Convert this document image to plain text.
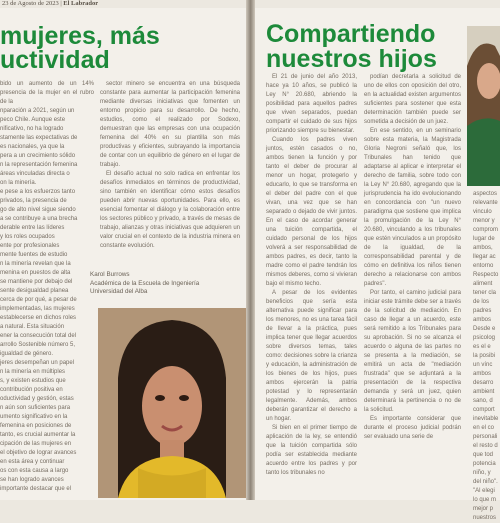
23 de Agosto de 2023 | El Labrador
mujeres, más
uctividad
bido un aumento de un 14% presencia de la mujer en el rubro de la
nparación a 2021, según un
peco Chile. Aunque este
nificativo, no ha logrado
stamente las expectativas de
es nacionales, ya que la
pera a un crecimiento sólido
n la representación femenina
áreas vinculadas directa o
on la minería.
e pese a los esfuerzos tanto
privados, la presencia de
go de alto nivel sigue siendo
a se contribuye a una brecha
derable entre las líderes
y los roles ocupados
ente por profesionales
mente fuentes de estudio
n la minería revelan que la
menina en puestos de alta
se mantiene por debajo del
sente desigualdad planea
cerca de por qué, a pesar de
implementadas, las mujeres
establecerse en dichos roles
a natural. Esta situación
ener la consecución total del
arrollo Sostenible número 5,
igualdad de género.
jeres desempeñan un papel
n la minería en múltiples
s, y existen estudios que
contribución positiva en
oductividad y gestión, estas
n aún son suficientes para
umento significativo en la
femenina en posiciones de
tanto, es crucial aumentar la
cipación de las mujeres en
el objetivo de lograr avances
en esta área y continuar
os con esta causa a largo
se han logrado avances
importante destacar que el

sector minero se encuentra en una búsqueda constante para aumentar la participación femenina mediante diversas iniciativas que fomenten un entorno propicio para su desarrollo. De hecho, estudios, como el realizado por Sodexo, demuestran que las empresas con una ocupación femenina del 40% en su plantilla son más productivas y eficientes, subrayando la importancia de contar con un equilibrio de género en el lugar de trabajo.

El desafío actual no solo radica en enfrentar los desafíos inmediatos en términos de productividad, sino también en identificar cómo estos desafíos pueden abrir nuevas oportunidades. Para ello, es esencial fomentar el diálogo y la colaboración entre los sectores público y privado, a través de mesas de trabajo, alianzas y otras iniciativas que adquieren un valor crucial en el contexto de la industria minera en constante evolución.

Karol Burrows
Académica de la Escuela de Ingeniería
Universidad del Alba
Compartiendo
nuestros hijos

El 21 de junio del año 2013, hace ya 10 años, se publicó la Ley N° 20.680, abriendo la posibilidad para aquellos padres que viven separados, puedan compartir el cuidado de sus hijos priorizando siempre su bienestar.

Cuando los padres viven juntos, estén casados o no, ambos tienen la función y por tanto el deber de procurar al menor un hogar, protegerlo y educarlo, lo que se transforma en el deber del padre con el que vivan, una vez que se han separado o dejado de vivir juntos. En el caso de acordar generar una tuición compartida, el cuidado personal de los hijos volverá a ser responsabilidad de ambos padres, es decir, tanto la madre como el padre tendrán los mismos deberes, como si vivieran bajo el mismo techo.

A pesar de los evidentes beneficios que sería esta alternativa puede significar para los menores, no es una tarea fácil de llevar a la práctica, pues implica tener que llegar acuerdos sobre diversos temas, tales como: decisiones sobre la crianza y educación, la administración de los bienes de los hijos, pues ambos ejercerán la patria potestad y lo representarán legalmente. Además, ambos deberán garantizar el derecho a un hogar.

Si bien en el primer tiempo de aplicación de la ley, se entendió que la tuición compartida sólo podía ser establecida mediante acuerdo entre los padres y por tanto los tribunales no

podían decretarla a solicitud de uno de ellos con oposición del otro, en la actualidad existen argumentos suficientes para sostener que esta determinación también puede ser sometida a decisión de un juez.

En ese sentido, en un seminario sobre esta materia, la Magistrada Gloria Negroni señaló que, los Tribunales han tenido que adaptarse al aplicar e interpretar el derecho de familia, sobre todo con la Ley N° 20.680, agregando que la jurisprudencia ha ido evolucionando en concordancia con "un nuevo paradigma que sostiene que implica la promulgación de la Ley N° 20.680, vinculando a los tribunales que estén vinculados a un propósito de la igualdad, de la corresponsabilidad parental y de cómo en definitiva los niños tienen derecho a relacionarse con ambos padres".

Por tanto, el camino judicial para iniciar este trámite debe ser a través de la solicitud de mediación. En caso de llegar a un acuerdo, este será remitido a los Tribunales para su aprobación. Si no se alcanza el acuerdo o alguna de las partes no se presenta a la mediación, se emitirá un acta de "mediación frustrada" que se adjuntará a la presentación de la respectiva demanda y será un juez, quien determinará la pertinencia o no de la solicitud.

Es importante considerar que durante el proceso judicial podrán ser evaluado una serie de

aspectos
relevante
vinculo
menor y
comprom
lugar de
ambos,
llegar ac
entorno
Respecto
aliment
tener cla
de los
padres
ambos
Desde e
psicolog
es el e
la posibi
un vínc
ambos
desarro
ambient
sano, d
comport
inevitable
en el co
personali
el resto d
que tod
potencia
niño, y
del niño".
"Al elegi
lo que m
mejor p
nuestros
